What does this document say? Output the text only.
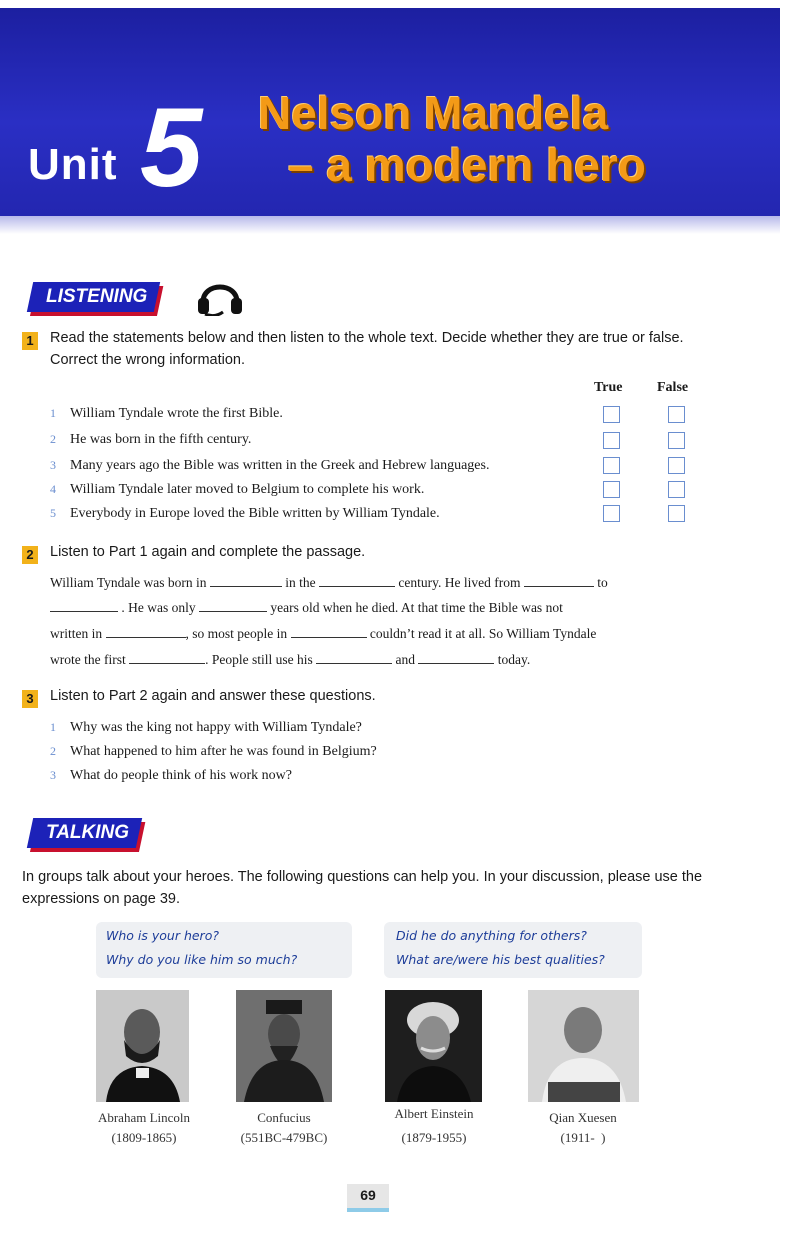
Unit 5 Nelson Mandela
– a modern hero
LISTENING
1	Read the statements below and then listen to the whole text. Decide whether they are true or false. Correct the wrong information.
True False
1 William Tyndale wrote the first Bible.
2 He was born in the fifth century.
3 Many years ago the Bible was written in the Greek and Hebrew languages.
4 William Tyndale later moved to Belgium to complete his work.
5 Everybody in Europe loved the Bible written by William Tyndale.
2	Listen to Part 1 again and complete the passage.
William Tyndale was born in	in the	century. He lived from	to
. He was only	years old when he died. At that time the Bible was not
written in	, so most people in	couldn’t read it at all. So William Tyndale
wrote the first	. People still use his	and	today.
3	Listen to Part 2 again and answer these questions.
1 Why was the king not happy with William Tyndale?
2 What happened to him after he was found in Belgium?
3 What do people think of his work now?
TALKING
In groups talk about your heroes. The following questions can help you. In your discussion, please use the expressions on page 39.
Who is your hero?
Why do you like him so much?
Did he do anything for others?
What are/were his best qualities?
Abraham Lincoln
(1809-1865)
Confucius
(551BC-479BC)
Albert Einstein
(1879-1955)
Qian Xuesen
(1911-  )
69
